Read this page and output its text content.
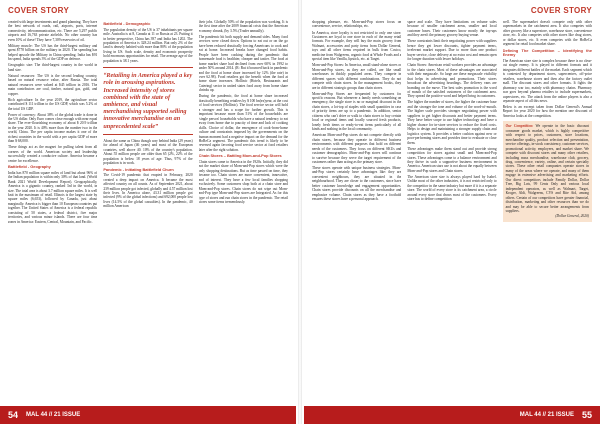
COVER STORY

created with large investments and grand planning. They have the best network of roads, rail, airports, ports, internet connectivity, telecommunication, etc. There are 5,297 public airports and 16,763 private airfields. No other country has even 10% of these! They have 7,309 reservoirs of oil.

Military muscle: The US has the third-largest military and spent $778 billion on the military in 2020. The spending has helped upscale the Military in China spending. India has $91 bn spend, India spends 3% of the GDP on defence.

Geographic size: The third-largest country in the world in land size.

Natural resources: The US is the second leading country, based on natural resource value, after Russia. The total natural resources were valued at $45 trillion in 2016. The main contributors are coal, timber, natural gas, gold, and copper.

Rich agriculture: In the year 2019, the agriculture sector contributed $ 111 trillion to the US GDP, which was 5.2% of the total US GDP.

Power of currency: About 38% of the global trade is done in the US dollar. Only Euro comes close enough with near equal share. The ever-flourishing economy of about $ 20.9 trillion in the year 2020. It is 40% more than the number two in the world, China. The per capita income makes it one of the richest countries in the world with a per capita GDP of more than $ 68,000.

These things act as the magnet for pulling talent from all corners of the world. American society and leadership successfully created a conducive culture. America became a centre for excellence.

Battlefield - Geography

India has 870 million square miles of land but about 96% of the Indian population is within only 30% of that land. (World Bank 2021 World Development Report). Geographically, America is a gigantic country, ranked 3rd in the world, in size. The total area is about 3.7 million square miles. It is well knit in the maximum of retail. Illinois is the largest state by square miles (6,653), followed by Canada, just about marginally. America is bigger than 10 European countries put together. The United States of America is a federal republic consisting of 50 states, a federal district, five major territories, and various minor islands. There are four time zones in America: Eastern, Central, Mountain, and Pacific.

Battlefield - Demographic

The population density of the US is 37 inhabitants per square mile. Australia is at 8, Canada at 11 or Russia at 23. Putting it in better perspective, China has 397 and India has 1202. The population of America is 328.24 million. But only 2% of the land is densely habited with more than 80% of the population living in US. Such scale, density and economic prosperity hold enormous opportunities for retail. The average age of the population is 38.1 years.

“Retailing in America played a key role in arousing aspirations. Increased intensity of stores combined with the state of ambience, and visual merchandising supported selling innovative merchandise on an unprecedented scale”

About the same as China though way behind India (29 years) for ahead of Japan (46 years) and most of the European countries, well above 40. 10% of the country's population. About 55 million people are older than 65 (2%, 22% of the population is below 18 years of age. Thus, 97% of the population is in work.

Pandemic - Initiating Battlefield Churn

The Covid-19 pandemic that erupted in February, 2020 created a deep impact on America. It became the most affected country on all counts. As of September 2021, about 239 million people got infected, globally and 4.57 million lost their lives. In America alone, 43.31 million people got infected (9% of the global infections) and 692,000 people lost lives (14.5% of the global casualties). In the pandemic, 40 million American

their jobs. Globally 50% of the population was working. It is the first time after the 2009 financial crisis that the American economy shrunk, (by 3.5% (Trader annually).

The pandemic hit both supply and demand sides. Many food services were closed down. Options to eat out or on the go have been reduced drastically forcing Americans to cook and eat at home. Increased breaks have changed food habits. People have been cooking during the pandemic that homemade food is healthier, cheaper and tastier. The food at home market share had declined from over 60% in 1992 to under 50% around 2014. (R: But it bounced back in pandemic and the food at home share increased by 12% (the rate) in over 62.98). Food retailers got the benefit when the food at home share increases. Hollinic (Hotels, Restaurants and Catering) sector in united states food away from home share shrinks up.

During the pandemic, the food at home share increased drastically benefiting retailers by $ 100 bn(ex)year, at the cost of food services (Hollinic). The food service sector will hold a stronger and has a scope for further growth. This is important because more than 51% of the households are 'single person' households who have a natural tendency to eat away from home due to paucity of time and lack of cooking skills. Choice of dollar, the emergence of cook-from-home culture and constraints imposed by the governments on the human moment had a negative impact on the demand for the HoReCa segment. The pandemic this trend is likely to be reversed again favoring food service sector at food retailers later after the right solution.

Chain Stores – Battling Mom-and-Pop Stores

Chain stores came to America in the 1920s. Initially, they did not the market share of Mom-and-Pop stores which were the only shopping destinations. But as time passed on time, they became too. Chain stores are more convenient, innovative, and of interest. They have a few local families shopping exclusively. Some customers shop both at a chain store and Mom-and-Pop stores. Chain stores do not wipe out Mom-and-Pop type Mom-and-Pop stores are Integrated. As for this type of stores and run chain stores in the pandemic. The retail stores some items tremendously.

54 MAL 44 // 21 ISSUE
COVER STORY

shopping pleasure, etc. Mom-and-Pop stores focus on convenience, service, relationships, etc.

In America, store loyalty is not restricted to only one store. Customers are loyal to one store in each of the many retail formats. For example, they will buy the main grocery from Walmart, accessories and party items from Dollar General, toys and all other items required in bulk from Costco, medicine from Walgreens, organic food at Whole Foods and a special item like Vanilla, lipstick, etc. at Target.

Mom-and-Pop Stores: In America, small stand-alone stores or Mom-and-Pop stores, as they are called, are like small warehouses in thickly populated areas. They compete in different spaces with different combinations. They do not compete with chain stores. In the management books, they are in different strategic groups than chain stores.

Mom-and-Pop Stores are frequented by customers for specific reasons. But whenever a family needs something on emergency, the single store is no or marginal discount in the chain stores, a lot-top of staples with small quantities in case of priority items are up to a pandemic. In addition, senior citizens who can't drive or walk to chain stores to buy certain local or regional items and locally sourced fresh products, lonely fresh items or ready-to-eat items particularly of all kinds and nothing in the local community.

American Mom-and-Pop stores do not compete directly with chain stores, because they operate in different business environments with different purposes that hold on different needs of the customers. They focus on different SKUs and customer demographics. Mom-and-Pop stores will continue to survive because they serve the target requirement of the customers rather than acting as the primary store.

These stores operate with unique business strategies. Mom-and-Pop stores certainly have advantages like: they are convenient neighbours, they are situated in the neighbourhood. They are closer to the customers, since have better customer knowledge and engagement opportunities. Chain stores provide discounts on all the merchandise and emphasize volume. Chain stores as they have a foothold ensures these stores have a personal approach.

space and scale. They have limitations on volume sales because of smaller catchment areas, smaller and local customer bases. Their customers know mostly the top-ups and they aren't the primary grocery buying venue.

These constraints limit their negotiating power with suppliers hence they get lower discounts, tighter payment terms, irrelevant market support. Due to more than one product buyer service, close delivery at no extra cost and remain open for longer duration with lesser holidays.

Chain Stores: American retail workers provides an advantage to the chain stores. Most of these advantages are associated with their megascale. So large are these megascale visibility that helps in advertising and promotions. Their stores broadcast the advertising heardings. The delivery vans are branding on the move. The best sales promotion is the word of mouth of the satisfied customers of the catchment area. They spread the positive word and helped bring in customers.

The higher the number of stores, the higher the customer base and the stronger the tone and volume of the word-of-mouth. The higher scale provides stronger negotiating power with suppliers to get higher discounts and better payment terms. They have better scope to use higher technology and have a higher chance for in-store services to reduce the fixed costs. Helps to design and maintaining a stronger supply chain and logistics system. It provides a better cushion against new or poor-performing stores and provides time to evaluate or close them.

These advantages make them stand out and provide strong competition for stores against small and Mom-and-Pop stores. These advantages come to a balance environment and they thrive in such a supportive business environment in America. American stars use is not about the equally between Mom-and-Pop stores and Chain stores.

The American store size is always played hard by Isabel. Unlike most of the other industries, it is not restricted only to the competitor in the same industry but more if it is a separate store. The world of every store is its catchment area, a circle around every store that draws most of the customers. Every store has to define competition

well. The supermarket doesn't compete only with other supermarkets in the catchment area. It also competes with other grocery like a superstore, warehouse store, convenience store, etc. It also competes with other stores like drug stores, or dollar stores, etc. It even competes with the HoReCa segment for retail food market share.

Defining The Competition – Identifying the Enemy

The American store size is complex because there is no clear-cut single enemy. It is played in different formats and it integrates different battles of the market. Each segment which is contested by department stores, supercentres, off-price retailers, warehouse stores and then also the factory outlet mall. The discount stores and other formats. It fights the pharmacy war too, mainly with pharmacy chains. Pharmacy war goes beyond pharma retailers to include supermarkets, superstores, etc. The attack from the online players is also a separate aspect of all this news.

Below is an excerpt taken from Dollar General's Annual Report for year 2020 for how the mention one discount of America looks at the competition.

Our Competition: We operate in the basic discount consumer goods market, which is highly competitive with respect to prices, customers, store locations, merchandise quality, product selection and presentation, service offerings, in-stock consistency, customer services, promotional activity, employees, and market share. We compete with discount stores and many other retailers, including mass merchandise, warehouse club, grocery, drug, convenience, variety, online, and certain specialty stores. These other retail companies operate stores in many of the areas where we operate, and many of them engage in extensive advertising and marketing efforts. Our direct competitors include Family Dollar, Dollar Tree, Big Lots, 99 Cents Only and various local independent operators, as well as Walmart, Target, Kroger, Aldi, Walgreens, CVS and Rite Aid, among others. Certain of our competitors have greater financial, distribution, marketing and other resources than we do and may be able to secure better arrangements from suppliers.
(Dollar General, 2020)
MAL 44 // 21 ISSUE 55
